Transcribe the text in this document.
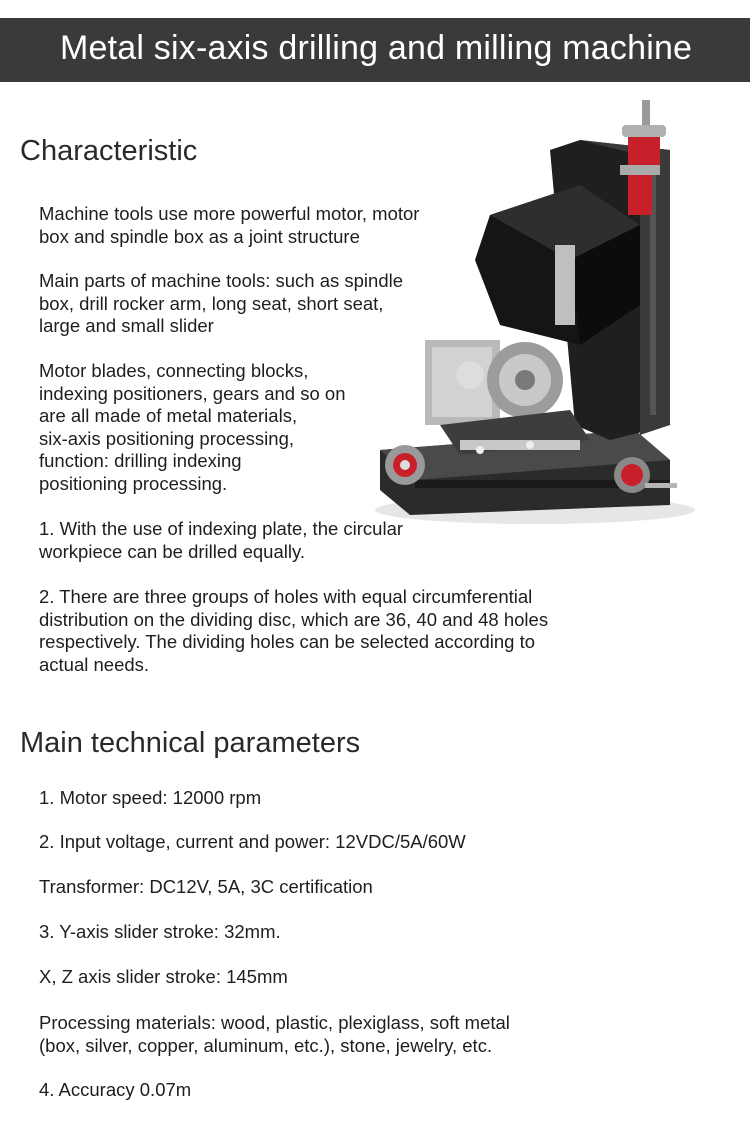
Metal six-axis drilling and milling machine
Characteristic
Machine tools use more powerful motor, motor
box and spindle box as a joint structure
Main parts of machine tools: such as spindle
box, drill rocker arm, long seat, short seat,
large and small slider
Motor blades, connecting blocks,
indexing positioners, gears and so on
are all made of metal materials,
six-axis positioning processing,
function: drilling indexing
positioning processing.
1. With the use of indexing plate, the circular
workpiece can be drilled equally.
2. There are three groups of holes with equal circumferential
distribution on the dividing disc, which are 36, 40 and 48 holes
respectively. The dividing holes can be selected according to
actual needs.
Main technical parameters
1. Motor speed: 12000 rpm
2. Input voltage, current and power: 12VDC/5A/60W
Transformer: DC12V, 5A, 3C certification
3. Y-axis slider stroke: 32mm.
X, Z axis slider stroke: 145mm
Processing materials: wood, plastic, plexiglass, soft metal
(box, silver, copper, aluminum, etc.), stone, jewelry, etc.
4. Accuracy 0.07m
